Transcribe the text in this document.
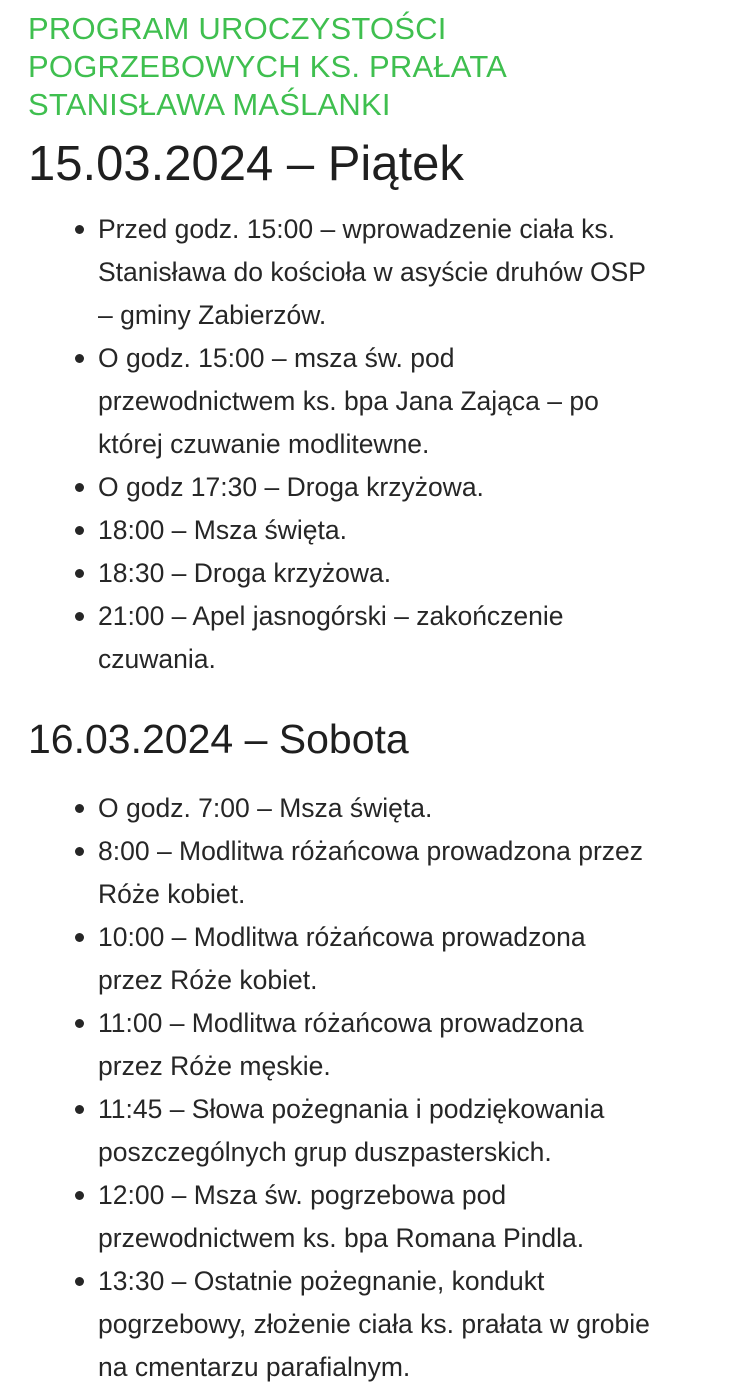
PROGRAM UROCZYSTOŚCI
POGRZEBOWYCH KS. PRAŁATA
STANISŁAWA MAŚLANKI
15.03.2024 – Piątek
Przed godz. 15:00 – wprowadzenie ciała ks.
Stanisława do kościoła w asyście druhów OSP
– gminy Zabierzów.
O godz. 15:00 – msza św. pod
przewodnictwem ks. bpa Jana Zająca – po
której czuwanie modlitewne.
O godz 17:30 – Droga krzyżowa.
18:00 – Msza święta.
18:30 – Droga krzyżowa.
21:00 – Apel jasnogórski – zakończenie
czuwania.
16.03.2024 – Sobota
O godz. 7:00 – Msza święta.
8:00 – Modlitwa różańcowa prowadzona przez
Róże kobiet.
10:00 – Modlitwa różańcowa prowadzona
przez Róże kobiet.
11:00 – Modlitwa różańcowa prowadzona
przez Róże męskie.
11:45 – Słowa pożegnania i podziękowania
poszczególnych grup duszpasterskich.
12:00 – Msza św. pogrzebowa pod
przewodnictwem ks. bpa Romana Pindla.
13:30 – Ostatnie pożegnanie, kondukt
pogrzebowy, złożenie ciała ks. prałata w grobie
na cmentarzu parafialnym.
